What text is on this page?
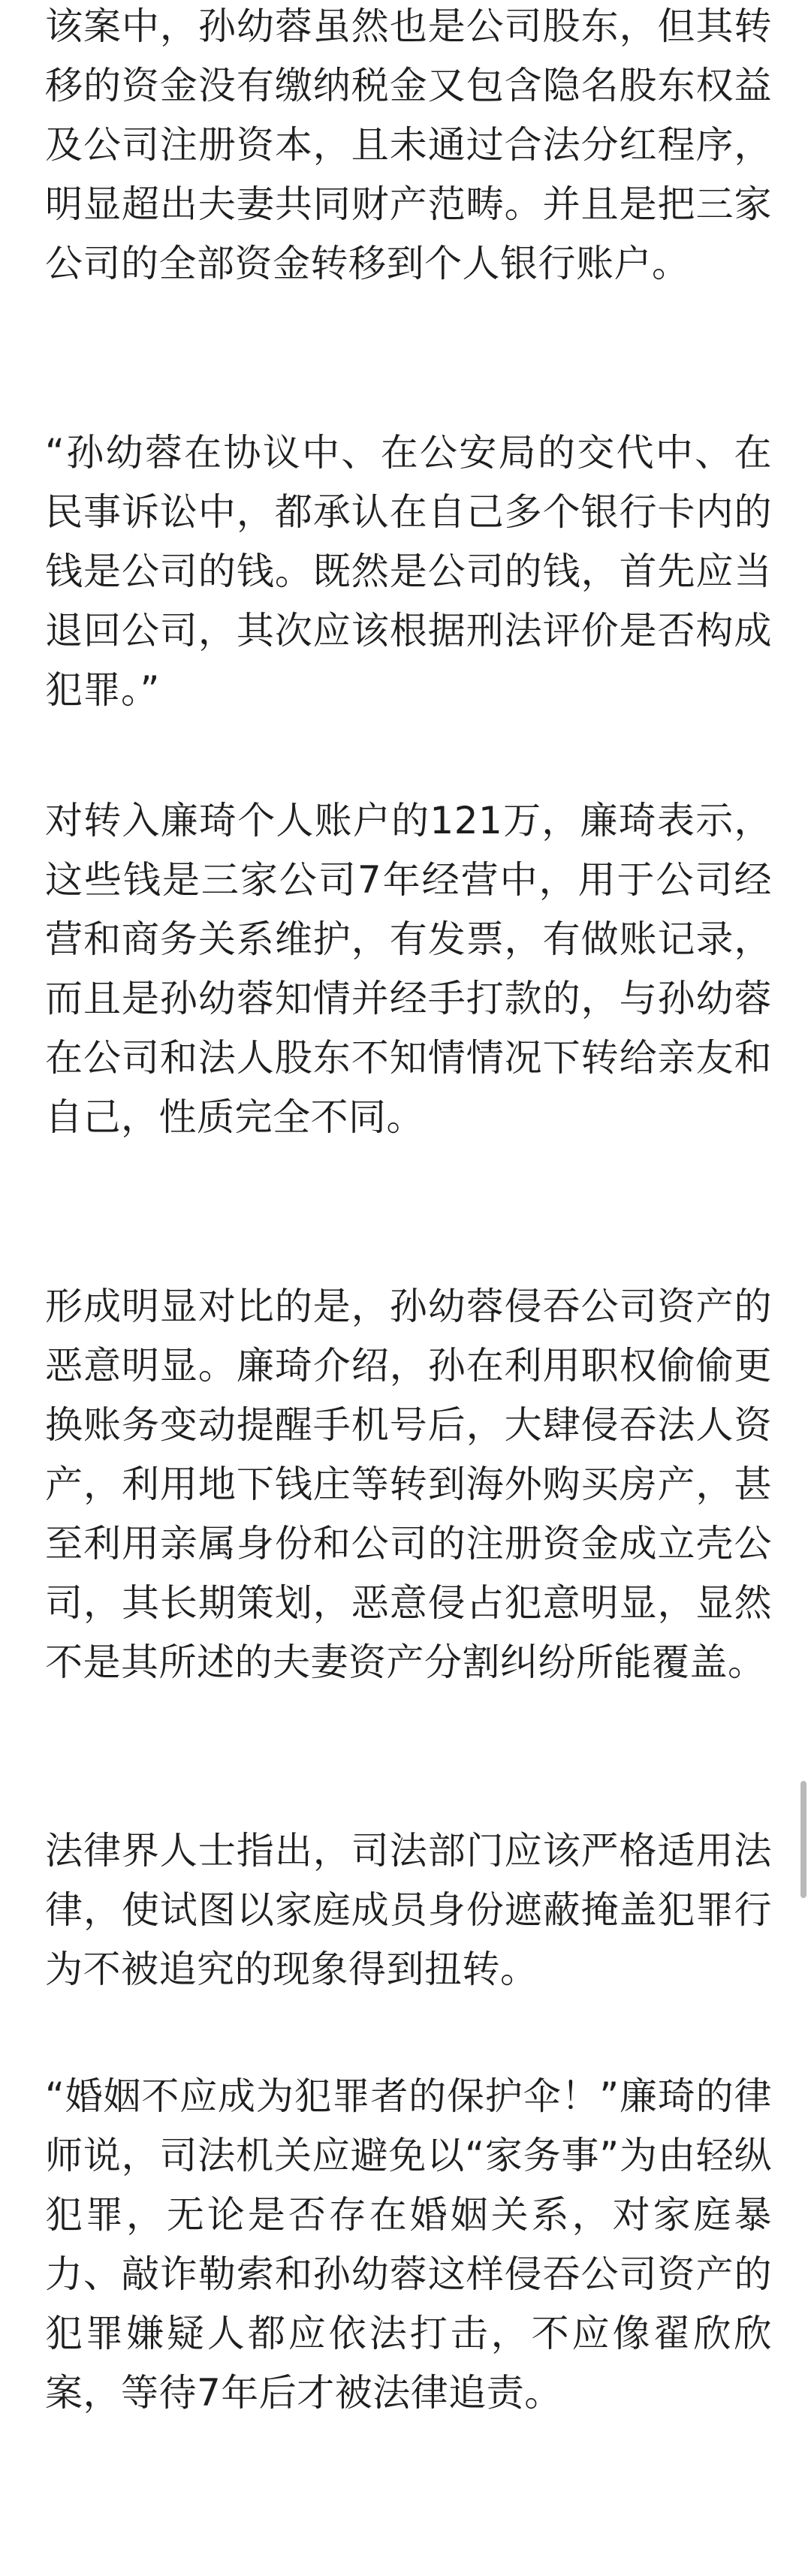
该案中，孙幼蓉虽然也是公司股东，但其转移的资金没有缴纳税金又包含隐名股东权益及公司注册资本，且未通过合法分红程序，明显超出夫妻共同财产范畴。并且是把三家公司的全部资金转移到个人银行账户。

“孙幼蓉在协议中、在公安局的交代中、在民事诉讼中，都承认在自己多个银行卡内的钱是公司的钱。既然是公司的钱，首先应当退回公司，其次应该根据刑法评价是否构成犯罪。”

对转入廉琦个人账户的121万，廉琦表示，这些钱是三家公司7年经营中，用于公司经营和商务关系维护，有发票，有做账记录，而且是孙幼蓉知情并经手打款的，与孙幼蓉在公司和法人股东不知情情况下转给亲友和自己，性质完全不同。

形成明显对比的是，孙幼蓉侵吞公司资产的恶意明显。廉琦介绍，孙在利用职权偷偷更换账务变动提醒手机号后，大肆侵吞法人资产，利用地下钱庄等转到海外购买房产，甚至利用亲属身份和公司的注册资金成立壳公司，其长期策划，恶意侵占犯意明显，显然不是其所述的夫妻资产分割纠纷所能覆盖。

法律界人士指出，司法部门应该严格适用法律，使试图以家庭成员身份遮蔽掩盖犯罪行为不被追究的现象得到扭转。

“婚姻不应成为犯罪者的保护伞！”廉琦的律师说，司法机关应避免以“家务事”为由轻纵犯罪，无论是否存在婚姻关系，对家庭暴力、敲诈勒索和孙幼蓉这样侵吞公司资产的犯罪嫌疑人都应依法打击，不应像翟欣欣案，等待7年后才被法律追责。
